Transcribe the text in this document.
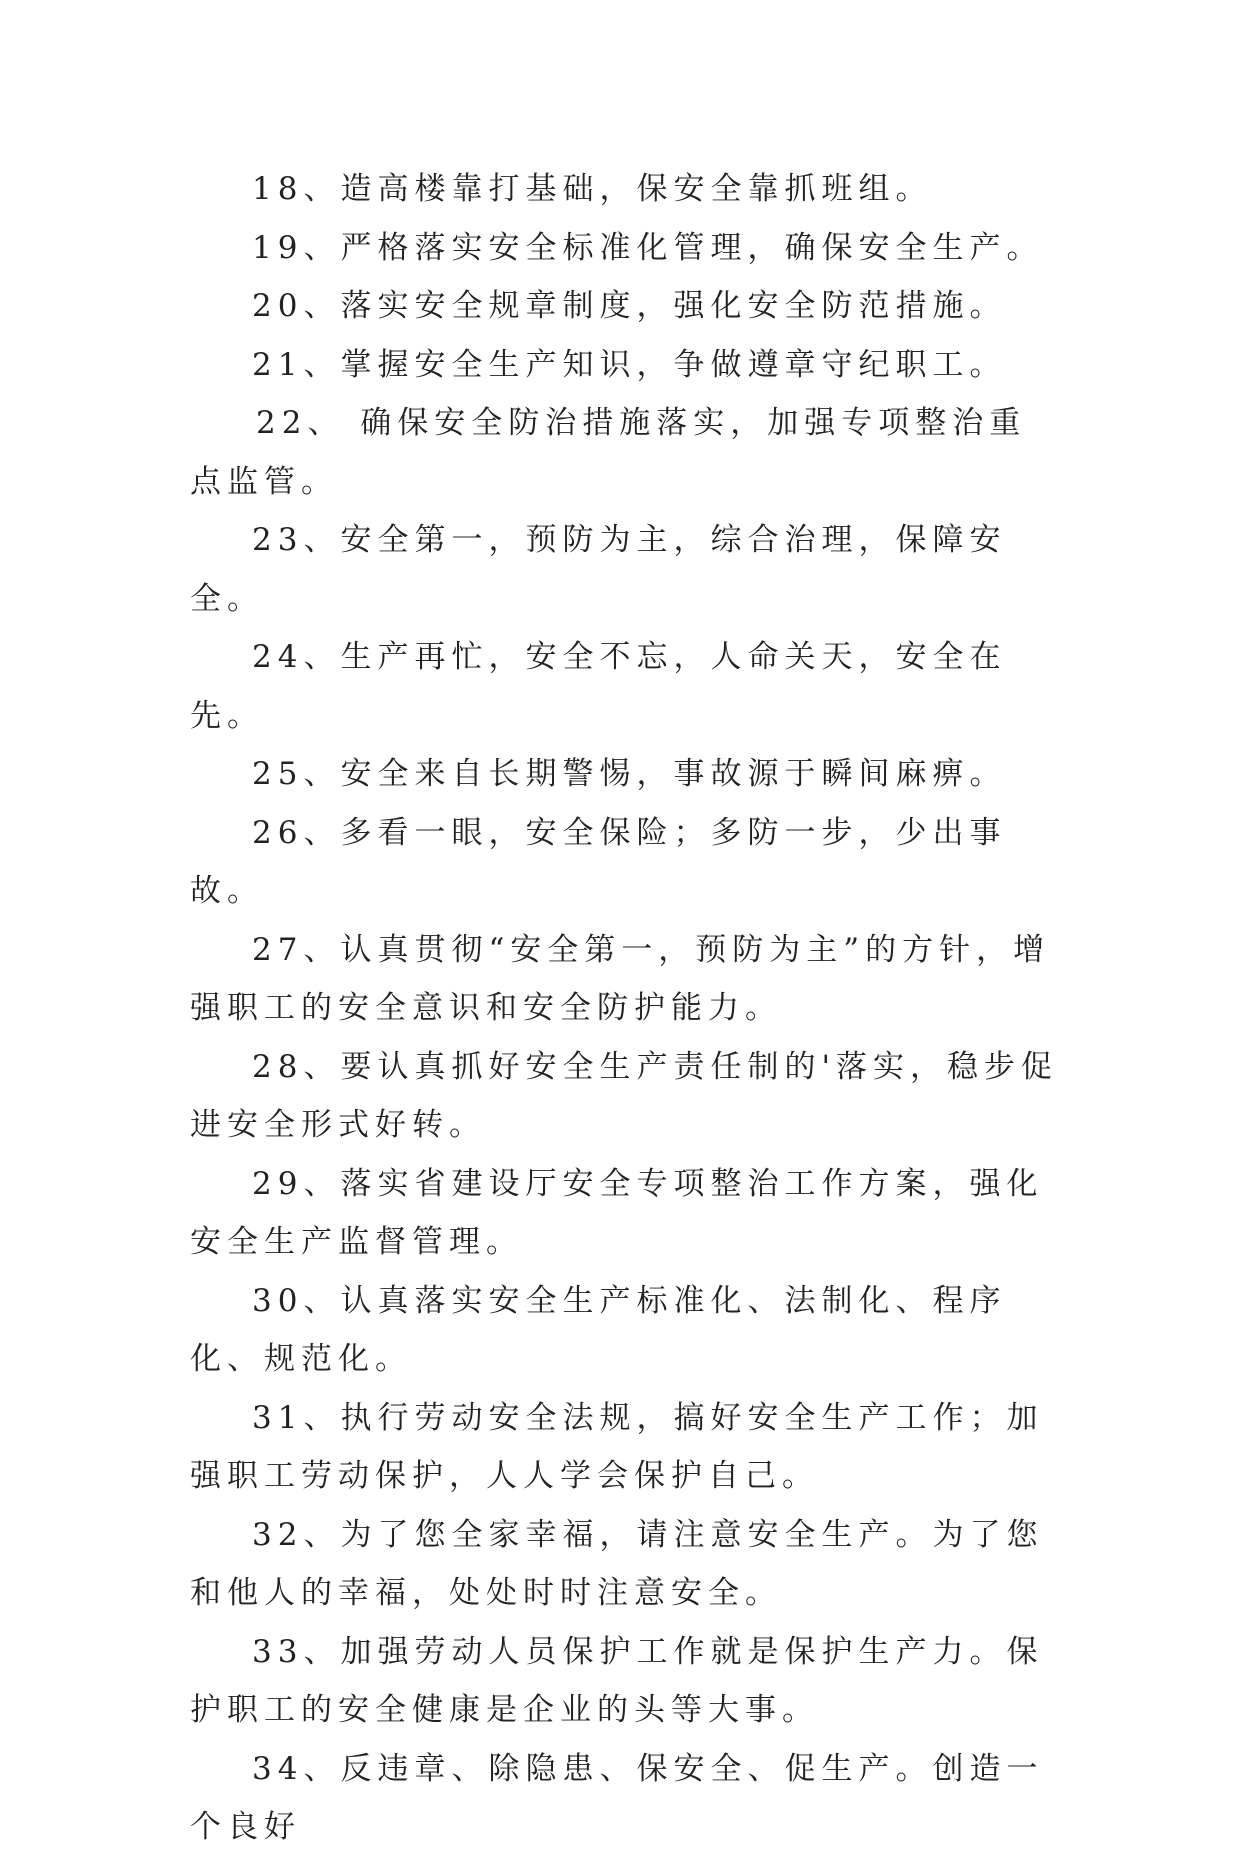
18、造高楼靠打基础，保安全靠抓班组。

19、严格落实安全标准化管理，确保安全生产。

20、落实安全规章制度，强化安全防范措施。

21、掌握安全生产知识，争做遵章守纪职工。

22、 确保安全防治措施落实，加强专项整治重点监管。

23、安全第一，预防为主，综合治理，保障安全。

24、生产再忙，安全不忘，人命关天，安全在先。

25、安全来自长期警惕，事故源于瞬间麻痹。

26、多看一眼，安全保险；多防一步，少出事故。

27、认真贯彻“安全第一，预防为主”的方针，增强职工的安全意识和安全防护能力。

28、要认真抓好安全生产责任制的'落实，稳步促进安全形式好转。

29、落实省建设厅安全专项整治工作方案，强化安全生产监督管理。

30、认真落实安全生产标准化、法制化、程序化、规范化。

31、执行劳动安全法规，搞好安全生产工作；加强职工劳动保护，人人学会保护自己。

32、为了您全家幸福，请注意安全生产。为了您和他人的幸福，处处时时注意安全。

33、加强劳动人员保护工作就是保护生产力。保护职工的安全健康是企业的头等大事。

34、反违章、除隐患、保安全、促生产。创造一个良好
